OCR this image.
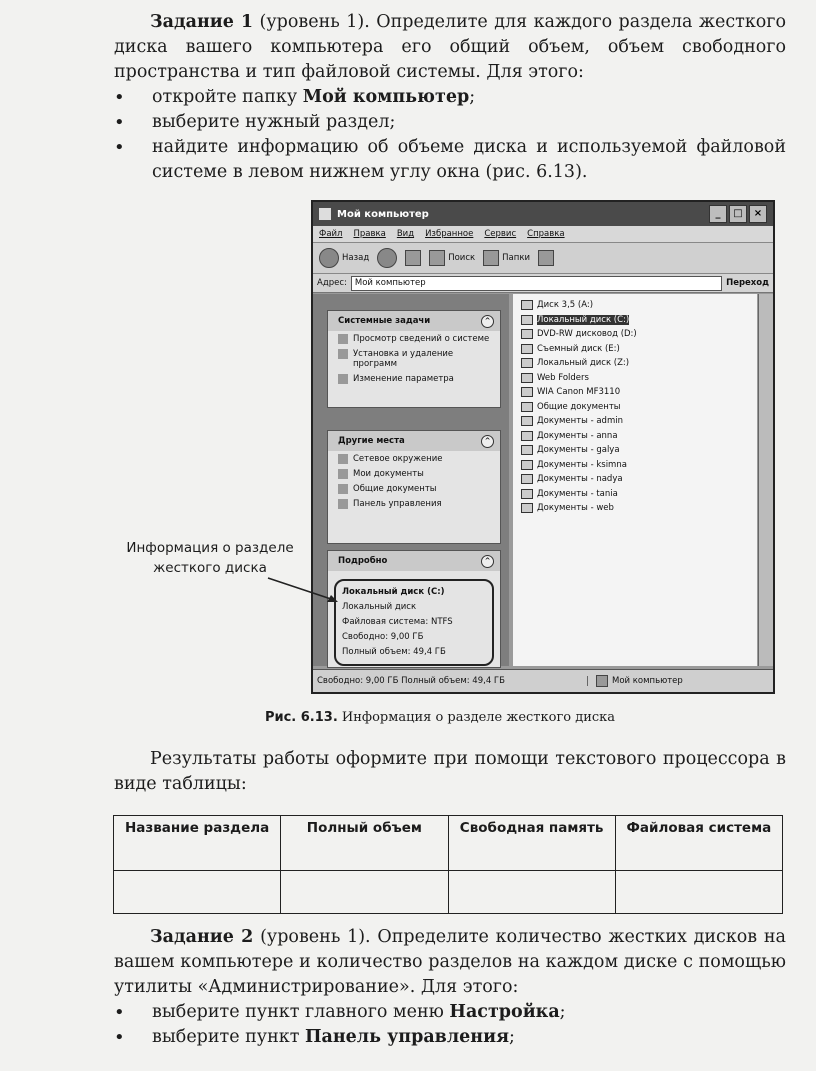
Задание 1 (уровень 1). Определите для каждого раздела жесткого диска вашего компьютера его общий объем, объем свободного пространства и тип файловой системы. Для этого:
• откройте папку Мой компьютер;
• выберите нужный раздел;
• найдите информацию об объеме диска и используемой файловой системе в левом нижнем углу окна (рис. 6.13).
Мой компьютер	_	□	×
Файл Правка Вид Избранное Сервис Справка
Назад	Поиск	Папки
Адрес: Мой компьютер	Переход
Системные задачи	^
Просмотр сведений о системе
Установка и удаление программ
Изменение параметра
Другие места	^
Сетевое окружение
Мои документы
Общие документы
Панель управления
Подробно	^
Локальный диск (C:)
Локальный диск
Файловая система: NTFS
Свободно: 9,00 ГБ
Полный объем: 49,4 ГБ
Диск 3,5 (A:)
Локальный диск (C:)
DVD-RW дисковод (D:)
Съемный диск (E:)
Локальный диск (Z:)
Web Folders
WIA Canon MF3110
Общие документы
Документы - admin
Документы - anna
Документы - galya
Документы - ksimna
Документы - nadya
Документы - tania
Документы - web
Свободно: 9,00 ГБ Полный объем: 49,4 ГБ	Мой компьютер
Информация о разделе жесткого диска
Рис. 6.13. Информация о разделе жесткого диска
Результаты работы оформите при помощи текстового процессора в виде таблицы:
Название раздела	Полный объем	Свободная память	Файловая система

Задание 2 (уровень 1). Определите количество жестких дисков на вашем компьютере и количество разделов на каждом диске с помощью утилиты «Администрирование». Для этого:
• выберите пункт главного меню Настройка;
• выберите пункт Панель управления;
